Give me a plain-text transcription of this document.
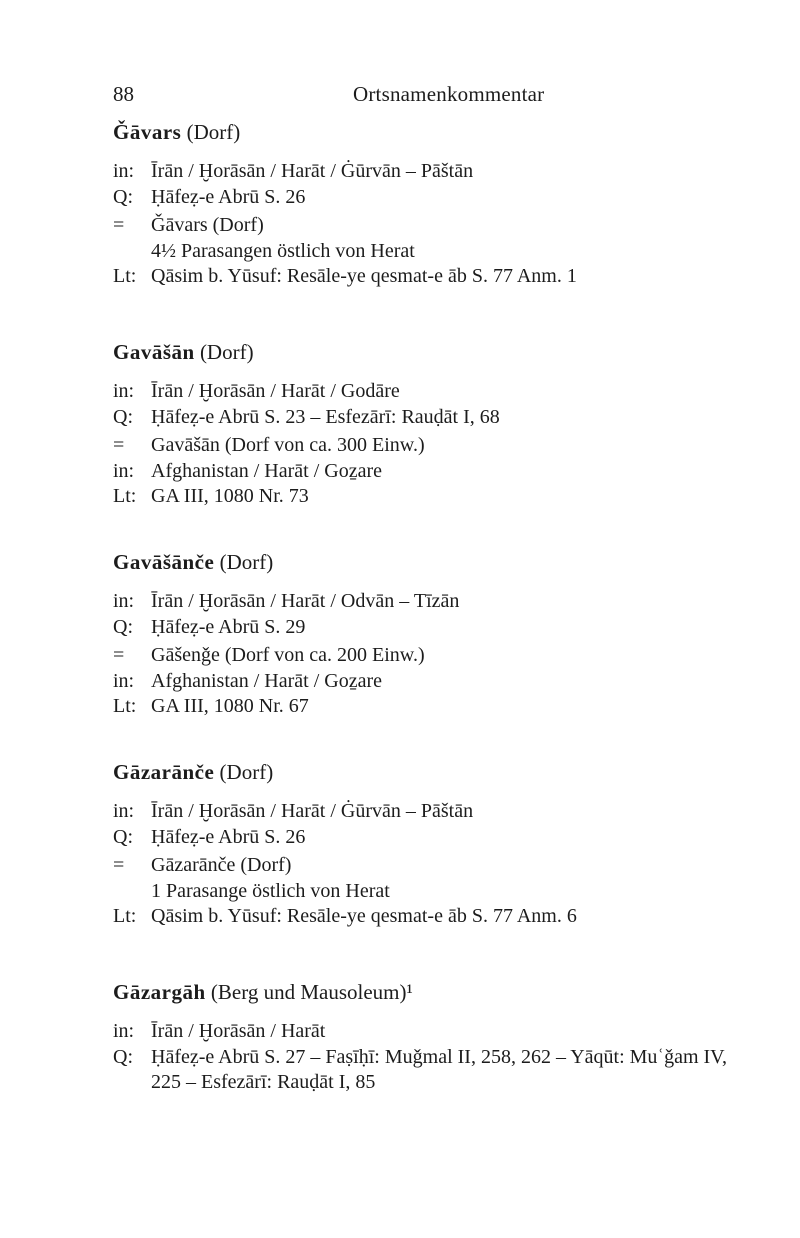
88	Ortsnamenkommentar
Ǧāvars (Dorf)
in: Īrān / Ḫorāsān / Harāt / Ġūrvān – Pāštān
Q: Ḥāfeẓ-e Abrū S. 26
=	Ǧāvars (Dorf)
4½ Parasangen östlich von Herat
Lt: Qāsim b. Yūsuf: Resāle-ye qesmat-e āb S. 77 Anm. 1
Gavāšān (Dorf)
in: Īrān / Ḫorāsān / Harāt / Godāre
Q: Ḥāfeẓ-e Abrū S. 23 – Esfezārī: Rauḍāt I, 68
=	Gavāšān (Dorf von ca. 300 Einw.)
in: Afghanistan / Harāt / Goẕare
Lt: GA III, 1080 Nr. 73
Gavāšānče (Dorf)
in: Īrān / Ḫorāsān / Harāt / Odvān – Tīzān
Q: Ḥāfeẓ-e Abrū S. 29
=	Gāšenǧe (Dorf von ca. 200 Einw.)
in: Afghanistan / Harāt / Goẕare
Lt: GA III, 1080 Nr. 67
Gāzarānče (Dorf)
in: Īrān / Ḫorāsān / Harāt / Ġūrvān – Pāštān
Q: Ḥāfeẓ-e Abrū S. 26
=	Gāzarānče (Dorf)
1 Parasange östlich von Herat
Lt: Qāsim b. Yūsuf: Resāle-ye qesmat-e āb S. 77 Anm. 6
Gāzargāh (Berg und Mausoleum)¹
in: Īrān / Ḫorāsān / Harāt
Q: Ḥāfeẓ-e Abrū S. 27 – Faṣīḥī: Muǧmal II, 258, 262 – Yāqūt: Muʿǧam IV,
225 – Esfezārī: Rauḍāt I, 85
